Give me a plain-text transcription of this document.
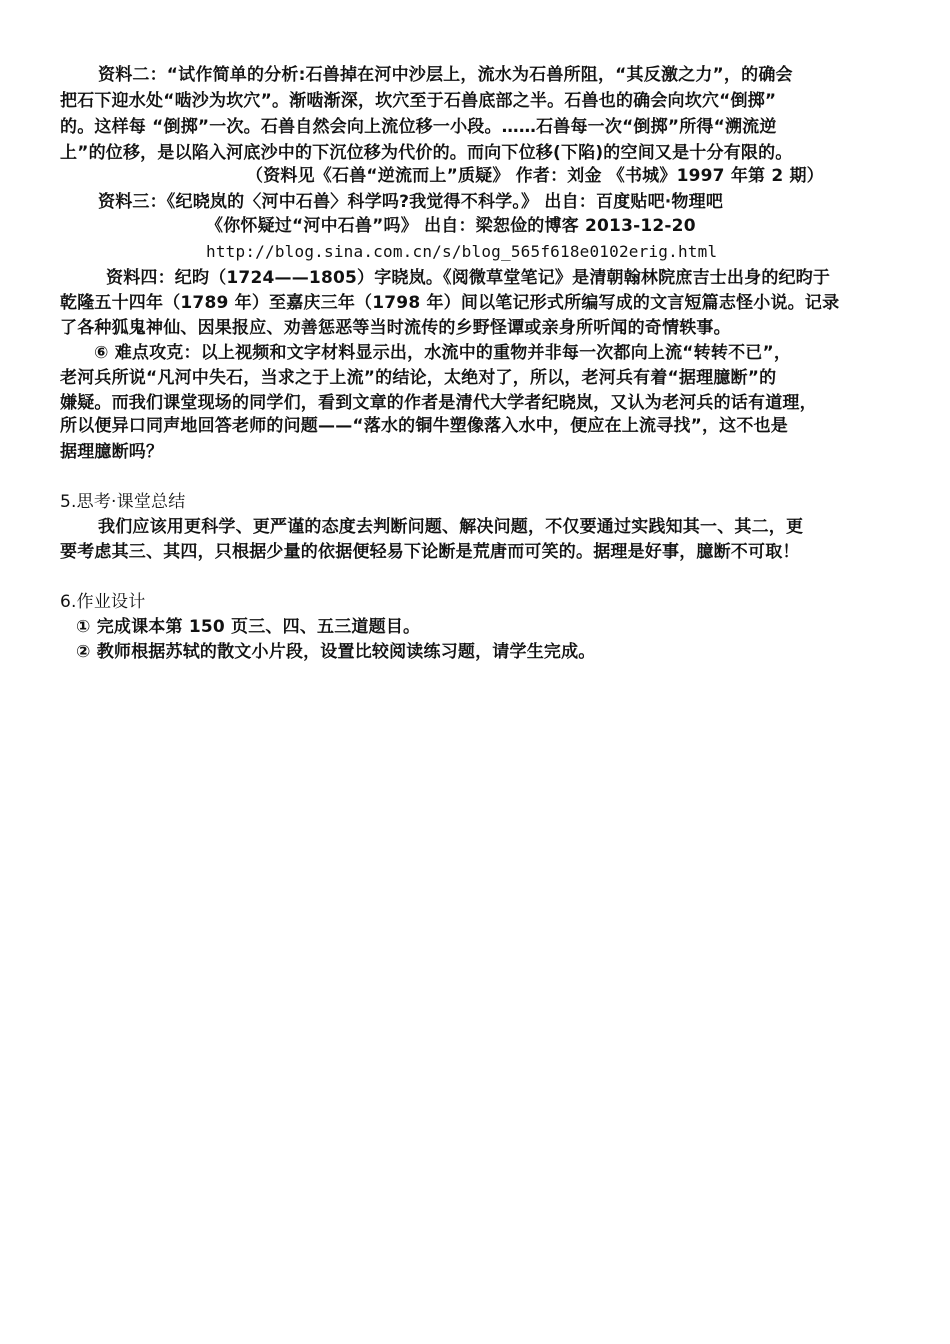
资料二：“试作简单的分析:石兽掉在河中沙层上，流水为石兽所阻，“其反激之力”，的确会
把石下迎水处“啮沙为坎穴”。渐啮渐深，坎穴至于石兽底部之半。石兽也的确会向坎穴“倒掷”
的。这样每 “倒掷”一次。石兽自然会向上流位移一小段。……石兽每一次“倒掷”所得“溯流逆
上”的位移，是以陷入河底沙中的下沉位移为代价的。而向下位移(下陷)的空间又是十分有限的。
（资料见《石兽“逆流而上”质疑》 作者：刘金 《书城》1997 年第 2 期）
资料三：《纪晓岚的〈河中石兽〉科学吗?我觉得不科学。》 出自：百度贴吧·物理吧
《你怀疑过“河中石兽”吗》 出自：梁恕俭的博客 2013-12-20
http://blog.sina.com.cn/s/blog_565f618e0102erig.html
资料四：纪昀（1724——1805）字晓岚。《阅微草堂笔记》是清朝翰林院庶吉士出身的纪昀于
乾隆五十四年（1789 年）至嘉庆三年（1798 年）间以笔记形式所编写成的文言短篇志怪小说。记录
了各种狐鬼神仙、因果报应、劝善惩恶等当时流传的乡野怪谭或亲身所听闻的奇情轶事。
⑥ 难点攻克：以上视频和文字材料显示出，水流中的重物并非每一次都向上流“转转不已”，
老河兵所说“凡河中失石，当求之于上流”的结论，太绝对了，所以，老河兵有着“据理臆断”的
嫌疑。而我们课堂现场的同学们，看到文章的作者是清代大学者纪晓岚，又认为老河兵的话有道理，
所以便异口同声地回答老师的问题——“落水的铜牛塑像落入水中，便应在上流寻找”，这不也是
据理臆断吗？
5.思考·课堂总结
我们应该用更科学、更严谨的态度去判断问题、解决问题，不仅要通过实践知其一、其二，更
要考虑其三、其四，只根据少量的依据便轻易下论断是荒唐而可笑的。据理是好事，臆断不可取！
6.作业设计
① 完成课本第 150 页三、四、五三道题目。
② 教师根据苏轼的散文小片段，设置比较阅读练习题，请学生完成。
